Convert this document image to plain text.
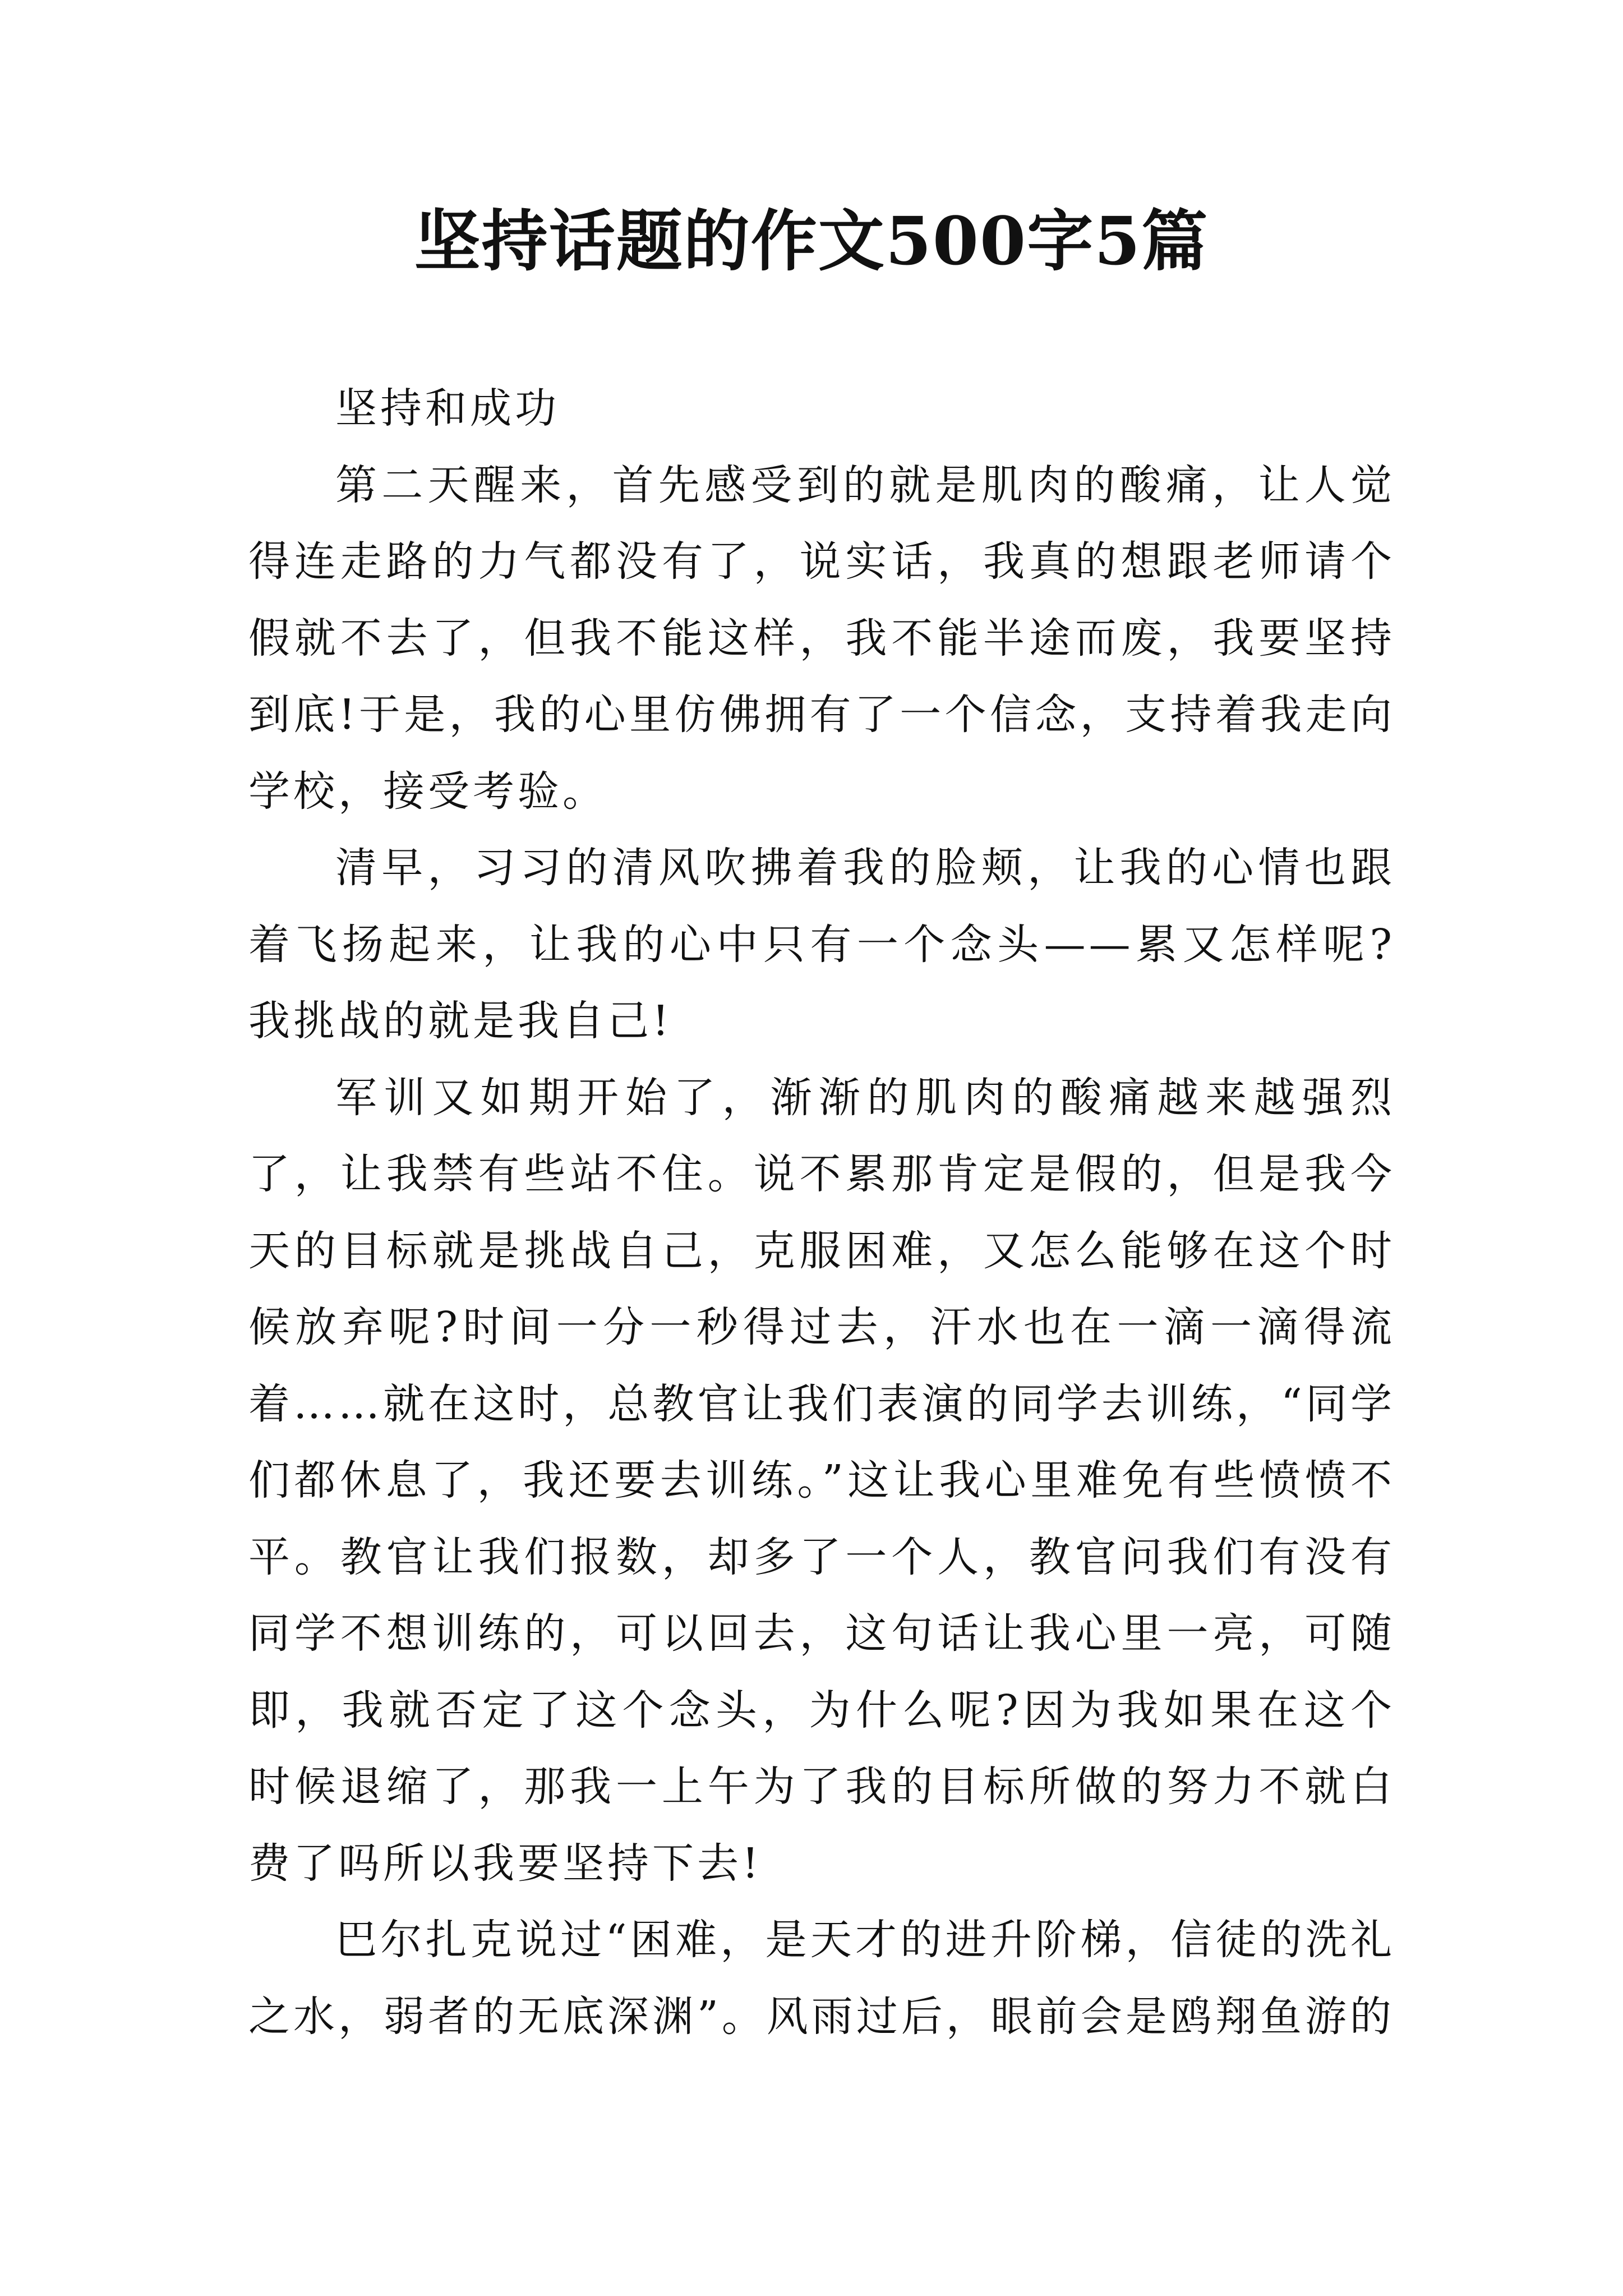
坚持话题的作文500字5篇

坚持和成功

第二天醒来，首先感受到的就是肌肉的酸痛，让人觉得连走路的力气都没有了，说实话，我真的想跟老师请个假就不去了，但我不能这样，我不能半途而废，我要坚持到底!于是，我的心里仿佛拥有了一个信念，支持着我走向学校，接受考验。

清早，习习的清风吹拂着我的脸颊，让我的心情也跟着飞扬起来，让我的心中只有一个念头——累又怎样呢?我挑战的就是我自己!

军训又如期开始了，渐渐的肌肉的酸痛越来越强烈了，让我禁有些站不住。说不累那肯定是假的，但是我今天的目标就是挑战自己，克服困难，又怎么能够在这个时候放弃呢?时间一分一秒得过去，汗水也在一滴一滴得流着……就在这时，总教官让我们表演的同学去训练，“同学们都休息了，我还要去训练。”这让我心里难免有些愤愤不平。教官让我们报数，却多了一个人，教官问我们有没有同学不想训练的，可以回去，这句话让我心里一亮，可随即，我就否定了这个念头，为什么呢?因为我如果在这个时候退缩了，那我一上午为了我的目标所做的努力不就白费了吗所以我要坚持下去!

巴尔扎克说过“困难，是天才的进升阶梯，信徒的洗礼之水，弱者的无底深渊”。风雨过后，眼前会是鸥翔鱼游的
